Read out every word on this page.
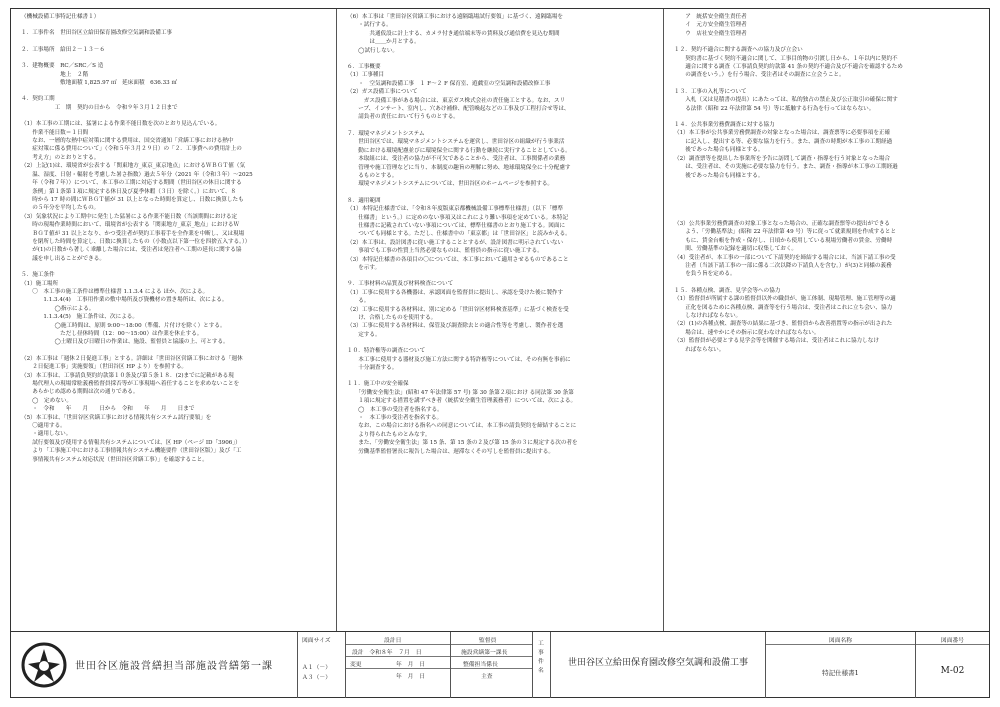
（機械設備工事特記仕様書１）
１．工事件名　世田谷区立給田保育園改修空気調和設備工事
２．工事場所　給田２－１３－６
３．建物概要　RC／SRC／S 造
　　　　　　　地上　２階
　　　　　　　敷地面積 1,825.97 ㎡　延床面積　636.33 ㎡
４．契約工期
　　　　　　工　期　契約の日から　令和９年３月１２日まで
（1）本工事の工期には、猛暑による作業不能日数を次のとおり見込んでいる。
　　作業不能日数＝１日間
　　なお、一層的な熱中症対策に関する費用は、国交省通知「営繕工事における熱中
　　症対策に係る費用について」（令和５年３月２９日）の「２．工事費への費用計上の
　　考え方」のとおりとする。
（2）上記(1)は、環境省が公表する「関東地方_東京_東京地点」におけるＷＢＧＴ値（気
　　温、湿度、日射・輻射を考慮した暑さ指数）過去５年分（2021 年（令和３年）～2025
　　年（令和７年））について、本工事の工期に対応する期間（世田谷区の休日に関する
　　条例」第１条第１項に規定する休日及び夏季休暇（３日）を除く。）において、８
　　時から 17 時の間にＷＢＧＴ値が 31 以上となった時間を算定し、日数に換算したも
　　の５年分を平均したもの。
（3）気象状況により工期中に発生した猛暑による作業不能日数（当該期間における定
　　時の現場作業時間において、環境省が公表する「関東地方_東京_地点」におけるＷ
　　ＢＧＴ値が 31 以上となり、かつ受注者が契約工事着手を全作業を中断し、又は現場
　　を閉所した時間を算定し、日数に換算したもの（小数点以下第一位を四捨五入する。））
　　が(1)の日数から著しく乖離した場合には、受注者は発注者へ工期の延長に関する協
　　議を申し出ることができる。
５．施工条件
（1）施工場所
　　〇　本工事の施工条件は標準仕様書 1.1.3.4 による ほか、次による。
　　　　1.1.3.4(4)　工事用作業の敷中場所及び資機材の置き場所は、次による。
　　　　　　◯指示による。
　　　　1.1.3.4(5)　施工条件は、次による。
　　　　　　◯施工時間は、原則 9:00～18:00（準備、片付けを除く）とする。
　　　　　　　ただし昼休時間（12：00～15:00）は作業を休止する。
　　　　　　◯土曜日及び日曜日の作業は、施設、監督員と協議の上、可とする。
（2）本工事は「週休２日促進工事」とする。詳細は「世田谷区営繕工事における「週休
　　２日促進工事」実施要領」（世田谷区 HP より）を参照する。
（3）本工事は、工事請負契約約款第１０条及び第５条１８．(2)までに記載がある現
　　場代理人の現場常駐義務監督員採否等が工事現場へ着任することを求めないことを
　　あらかじめ認める期間は次の通りである。
　　◯　定めない。
　　・　令和　　年　　月　　日から　令和　　年　　月　　日まで
（5）本工事は、「世田谷区営繕工事における情報共有システム試行要領」を
　　〇適用する。
　　・適用しない。
　　試行要領及び使用する情報共有システムについては、区 HP（ページ ID「3906」）
　　より「工事施工中における工事情報共有システム機能要件（世田谷区版）」及び「工
　　事情報共有システム対応状況（世田谷区営繕工事）」を確認すること。
（6）本工事は「世田谷区営繕工事における遠隔臨場試行要領」に基づく、遠隔臨場を
　　・試行する。
　　　　共通仮設に計上する、カメラ付き通信端末等の賃料及び通信費を見込む期間
　　　　は＿＿か月とする。
　　◯試行しない。
６．工事概要
（1）工事種目
　　・　空気調和設備工事　１ F～２ F 保育室、遊戯室の空気調和設備改修工事
（2）ガス設備工事について
　　　ガス設備工事がある場合には、東京ガス株式会社の責任施工とする。なお、スリ
　　ーブ、インサート、室内し、穴あけ補修、配管喚起などの工事及び工程打合せ等は、
　　請負者の責任において行うものとする。
７．環境マネジメントシステム
　　世田谷区では、環境マネジメントシステムを運営し、世田谷区の組織が行う事業活
　　動における環境配慮並びに環境保全に関する行動を継続に実行することとしている。
　　本取組には、受注者の協力が不可欠であることから、受注者は、工事関係者の業務
　　管理や施工管理などに当り、本制度の趣旨の理解に努め、地球環境保全に十分配慮す
　　るものとする。
　　環境マネジメントシステムについては、世田谷区のホームページを参照する。
８．適用範囲
（1）本特記仕様書では、「令和８年度版東京都機械設備工事標準仕様書」（以下「標準
　　仕様書」という。）に定めのない事項又はこれにより難い事項を定めている。本特記
　　仕様書に記載されていない事項については、標準仕様書のとおり施工する。図面に
　　ついても同様とする。ただし、仕様書中の「東京都」は「世田谷区」と読みかえる。
（2）本工事は、設計図書に従い施工することとするが、設計図書に明示されていない
　　事項でも工事の性質上当然必要なものは、監督員の指示に従い施工する。
（3）本特記仕様書の各項目の〇については、本工事において適用させるものであること
　　を示す。
９．工事材料の品質及び材料検査について
（1）工事に使用する各機器は、承認図面を監督員に提出し、承認を受けた後に製作す
　　る。
（2）工事に使用する各材料は、別に定める「世田谷区材料検査基準」に基づく検査を受
　　け、合格したものを使用する。
（3）工事に使用する各材料は、保管及び調査除去との適合性等を考慮し、製作者を選
　　定する。
１０．特許権等の調査について
　　本工事に使用する器材及び施工方法に関する特許権等については、その有無を事前に
　　十分調査する。
１１．施工中の安全確保
　　「労働安全衛生法」(昭和 47 年法律第 57 号) 第 30 条第２項におけ る同法第 30 条第
　　１項に規定する措置を講ずべき者（統括安全衛生管理義務者）については、次による。
　　◯　本工事の受注者を指名する。
　　・　本工事の受注者を指名する。
　　なお、この場合における指名への同意については、本工事の請負契約を締結することに
　　より得られたものとみなす。
　　また、「労働安全衛生法」第 15 条、第 15 条の２及び第 15 条の３に規定する次の者を
　　労働基準監督署長に報告した場合は、遅滞なくその写しを監督員に提出する。
　　ア　統括安全衛生責任者
　　イ　元方安全衛生管理者
　　ウ　店社安全衛生管理者
１２．契約不適合に関する調査への協力及び立会い
　　契約書に基づく契約不適合に関して、工事目的物の引渡し日から、１年以内に契約不
　　適合に関する調査（工事請負契約約款第 41 条の契約不適合及び不適合を確認するため
　　の調査をいう。）を行う場合、受注者はその調査に立会うこと。
１３．工事の入札等について
　　入札（又は見積書の提出）にあたっては、私的独占の禁止及び公正取引の確保に関す
　　る法律（昭和 22 年法律第 54 号）等に抵触する行為を行ってはならない。
１４．公共事業労務費調査に対する協力
（1）本工事が公共事業労務費調査の対象となった場合は、調査票等に必要事項を正確
　　に記入し、提出する等、必要な協力を行う。また、調査の時期が本工事の工期経過
　　後であった場合も同様とする。
（2）調査票等を提出した事業所を予告に訪問して調査・指導を行う対象となった場合
　　は、受注者は、その実施に必要な協力を行う。また、調査・指導が本工事の工期経過
　　後であった場合も同様とする。
（3）公共事業労務費調査の対象工事となった場合の、正確な調査票等の提出ができる
　　よう、「労働基準法」(昭和 22 年法律第 49 号）等に従って就業規則を作成するとと
　　もに、賃金台帳を作成・保存し、日頃から使用している現場労働者の賃金、労働時
　　間、労働基準の記録を適切に収集しておく。
（4）受注者が、本工事の一部について下請契約を締結する場合には、当該下請工事の受
　　注者（当該下請工事の一部に係る二次以降の下請負人を含む。）が(3)と同様の義務
　　を負う旨を定める。
１５．各種点検、調査、見学会等への協力
（1）監督員が所属する課の監督員以外の職員が、施工体制、現場管理、施工管理等の適
　　正化を図るために各種点検、調査等を行う場合は、受注者はこれに立ち会い、協力
　　しなければならない。
（2）(1)の各種点検、調査等の結果に基づき、監督員から改善措置等の指示が出された
　　場合は、速やかにその指示に従わなければならない。
（3）監督員が必要とする見学会等を開催する場合は、受注者はこれに協力しなけ
　　ればならない。
世田谷区施設営繕担当部施設営繕第一課
図面サイズ
Ａ１（－）
Ａ３（－）
設計日
設計　令和８年　７月　日
変更	年　月　日
年　月　日
監督員
施設営繕第一課長
整備担当係長
主査
工事件名
世田谷区立給田保育園改修空気調和設備工事
図面名称
特記仕様書1
図面番号
M-02
